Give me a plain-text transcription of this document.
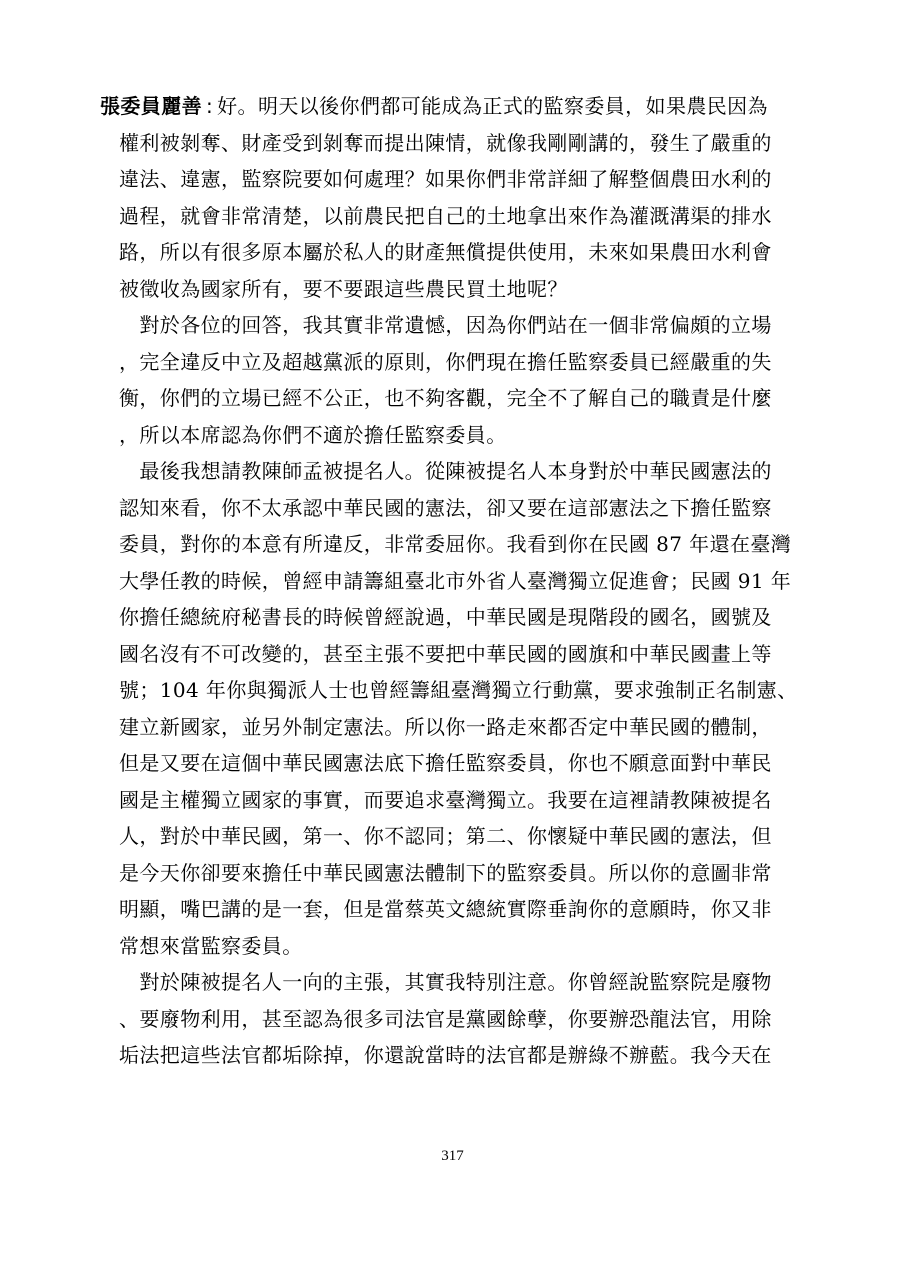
張委員麗善 : 好。明天以後你們都可能成為正式的監察委員，如果農民因為
權利被剝奪、財產受到剝奪而提出陳情，就像我剛剛講的，發生了嚴重的
違法、違憲，監察院要如何處理？如果你們非常詳細了解整個農田水利的
過程，就會非常清楚，以前農民把自己的土地拿出來作為灌溉溝渠的排水
路，所以有很多原本屬於私人的財產無償提供使用，未來如果農田水利會
被徵收為國家所有，要不要跟這些農民買土地呢？
　對於各位的回答，我其實非常遺憾，因為你們站在一個非常偏頗的立場
，完全違反中立及超越黨派的原則，你們現在擔任監察委員已經嚴重的失
衡，你們的立場已經不公正，也不夠客觀，完全不了解自己的職責是什麼
，所以本席認為你們不適於擔任監察委員。
　最後我想請教陳師孟被提名人。從陳被提名人本身對於中華民國憲法的
認知來看，你不太承認中華民國的憲法，卻又要在這部憲法之下擔任監察
委員，對你的本意有所違反，非常委屈你。我看到你在民國 87 年還在臺灣
大學任教的時候，曾經申請籌組臺北市外省人臺灣獨立促進會；民國 91 年
你擔任總統府秘書長的時候曾經說過，中華民國是現階段的國名，國號及
國名沒有不可改變的，甚至主張不要把中華民國的國旗和中華民國畫上等
號；104 年你與獨派人士也曾經籌組臺灣獨立行動黨，要求強制正名制憲、
建立新國家，並另外制定憲法。所以你一路走來都否定中華民國的體制，
但是又要在這個中華民國憲法底下擔任監察委員，你也不願意面對中華民
國是主權獨立國家的事實，而要追求臺灣獨立。我要在這裡請教陳被提名
人，對於中華民國，第一、你不認同；第二、你懷疑中華民國的憲法，但
是今天你卻要來擔任中華民國憲法體制下的監察委員。所以你的意圖非常
明顯，嘴巴講的是一套，但是當蔡英文總統實際垂詢你的意願時，你又非
常想來當監察委員。
　對於陳被提名人一向的主張，其實我特別注意。你曾經說監察院是廢物
、要廢物利用，甚至認為很多司法官是黨國餘孽，你要辦恐龍法官，用除
垢法把這些法官都垢除掉，你還說當時的法官都是辦綠不辦藍。我今天在
317
